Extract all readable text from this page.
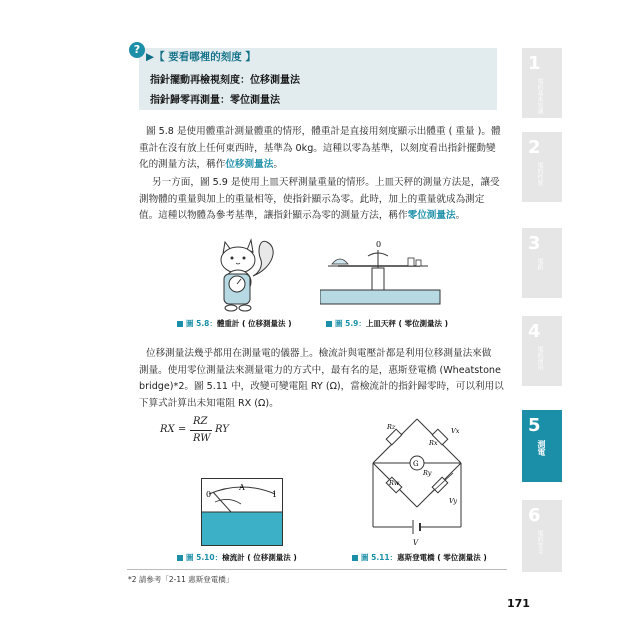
?
▶【 要看哪裡的刻度 】
指針擺動再檢視刻度：位移測量法
指針歸零再測量：零位測量法
圖 5.8 是使用體重計測量體重的情形，體重計是直接用刻度顯示出體重 ( 重量 )。體
重計在沒有放上任何東西時，基準為 0kg。這種以零為基準，以刻度看出指針擺動變
化的測量方法，稱作位移測量法。
另一方面，圖 5.9 是使用上皿天秤測量重量的情形。上皿天秤的測量方法是，讓受
測物體的重量與加上的重量相等，使指針顯示為零。此時，加上的重量就成為測定
值。這種以物體為參考基準，讓指針顯示為零的測量方法，稱作零位測量法。
圖 5.8：體重計 ( 位移測量法 )
0
圖 5.9：上皿天秤 ( 零位測量法 )
位移測量法幾乎都用在測量電的儀器上。檢流計與電壓計都是利用位移測量法來做
測量。使用零位測量法來測量電力的方式中，最有名的是，惠斯登電橋 (Wheatstone
bridge)*2。圖 5.11 中，改變可變電阻 RY (Ω)，當檢流計的指針歸零時，可以利用以
下算式計算出未知電阻 RX (Ω)。
RX =
RZ
RW
RY
0
A
1
圖 5.10：檢流計 ( 位移測量法 )
Rz
Rx
Rw
Ry
Vx
Vy
G
V
圖 5.11：惠斯登電橋 ( 零位測量法 )
1
電的基本知識
2
電的性質
3
電路
4
電的運用
5
測電
6
電的安全
*2 請參考「2-11 惠斯登電橋」
171
